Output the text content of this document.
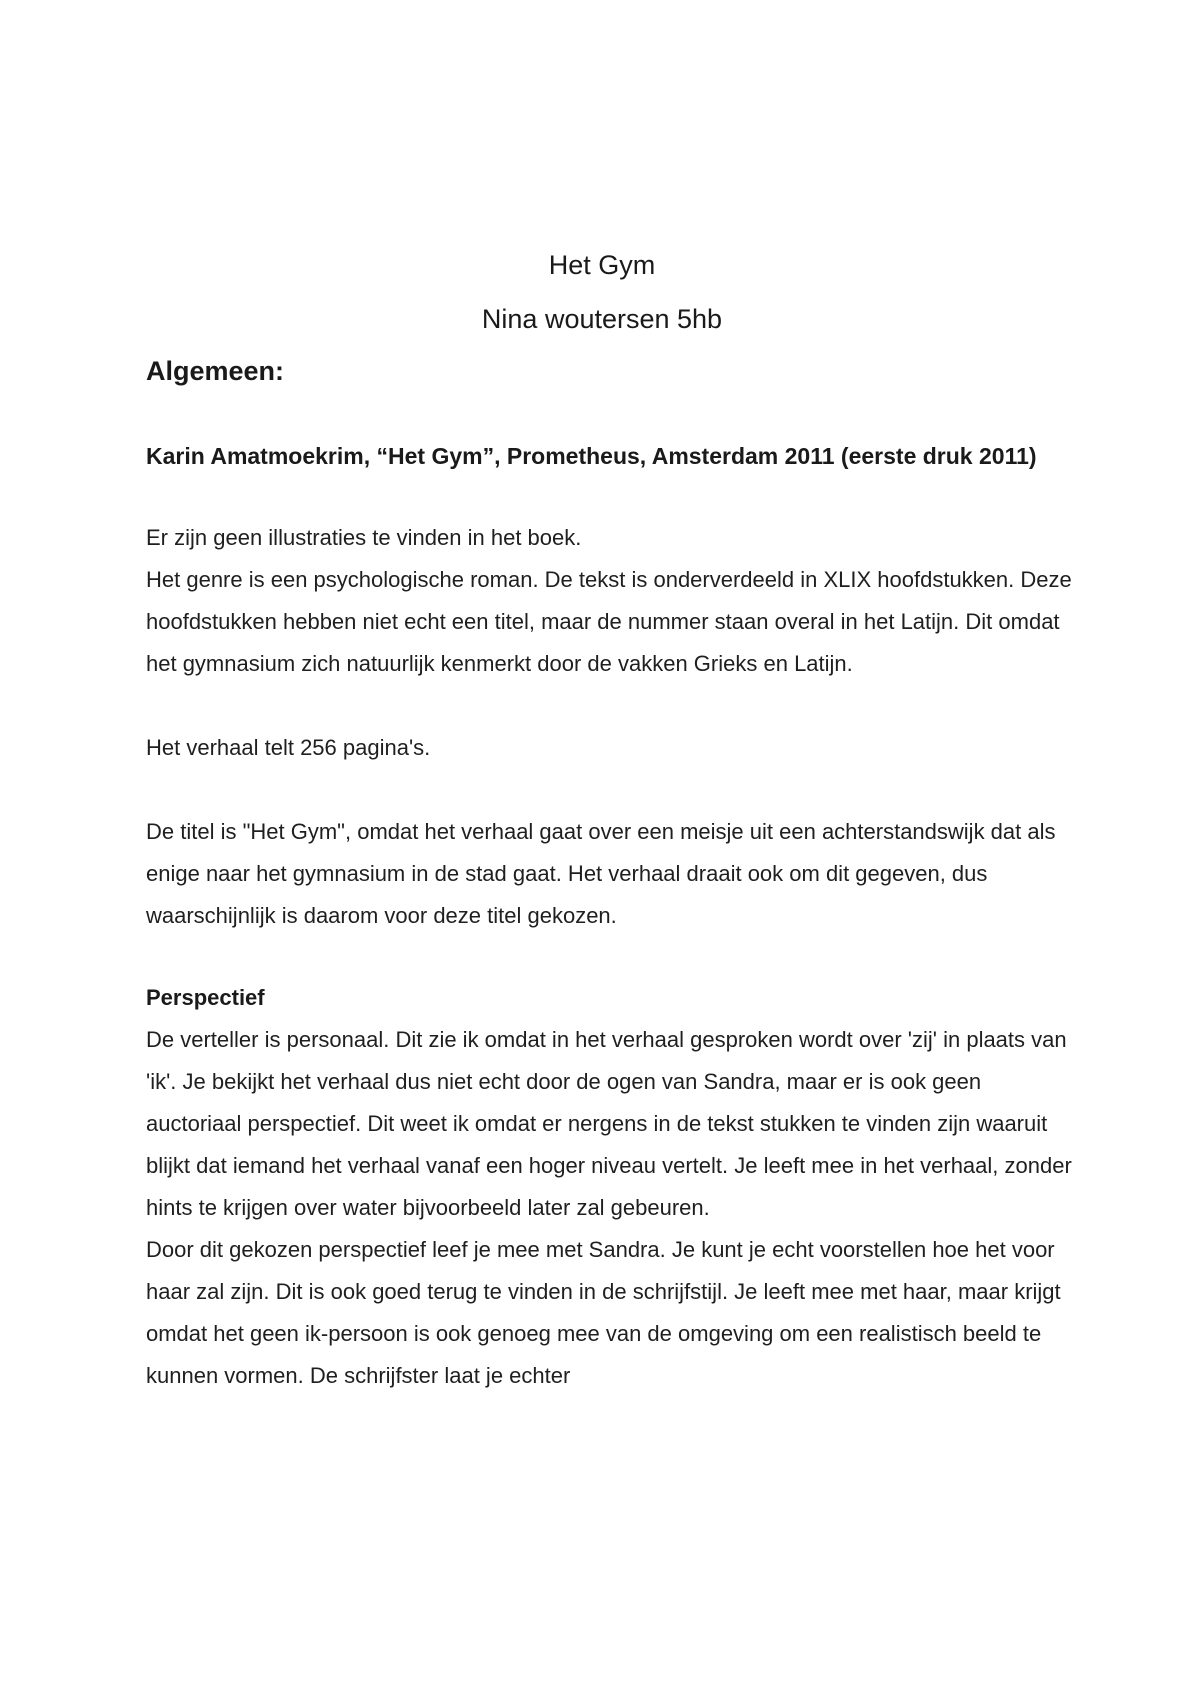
Het Gym
Nina woutersen 5hb
Algemeen:

Karin Amatmoekrim, “Het Gym”, Prometheus, Amsterdam 2011 (eerste druk 2011)

Er zijn geen illustraties te vinden in het boek.

Het genre is een psychologische roman. De tekst is onderverdeeld in XLIX hoofdstukken. Deze hoofdstukken hebben niet echt een titel, maar de nummer staan overal in het Latijn. Dit omdat het gymnasium zich natuurlijk kenmerkt door de vakken Grieks en Latijn.

Het verhaal telt 256 pagina's.

De titel is "Het Gym", omdat het verhaal gaat over een meisje uit een achterstandswijk dat als enige naar het gymnasium in de stad gaat. Het verhaal draait ook om dit gegeven, dus waarschijnlijk is daarom voor deze titel gekozen.

Perspectief

De verteller is personaal. Dit zie ik omdat in het verhaal gesproken wordt over 'zij' in plaats van 'ik'. Je bekijkt het verhaal dus niet echt door de ogen van Sandra, maar er is ook geen auctoriaal perspectief. Dit weet ik omdat er nergens in de tekst stukken te vinden zijn waaruit blijkt dat iemand het verhaal vanaf een hoger niveau vertelt. Je leeft mee in het verhaal, zonder hints te krijgen over water bijvoorbeeld later zal gebeuren.

Door dit gekozen perspectief leef je mee met Sandra. Je kunt je echt voorstellen hoe het voor haar zal zijn. Dit is ook goed terug te vinden in de schrijfstijl. Je leeft mee met haar, maar krijgt omdat het geen ik-persoon is ook genoeg mee van de omgeving om een realistisch beeld te kunnen vormen. De schrijfster laat je echter
